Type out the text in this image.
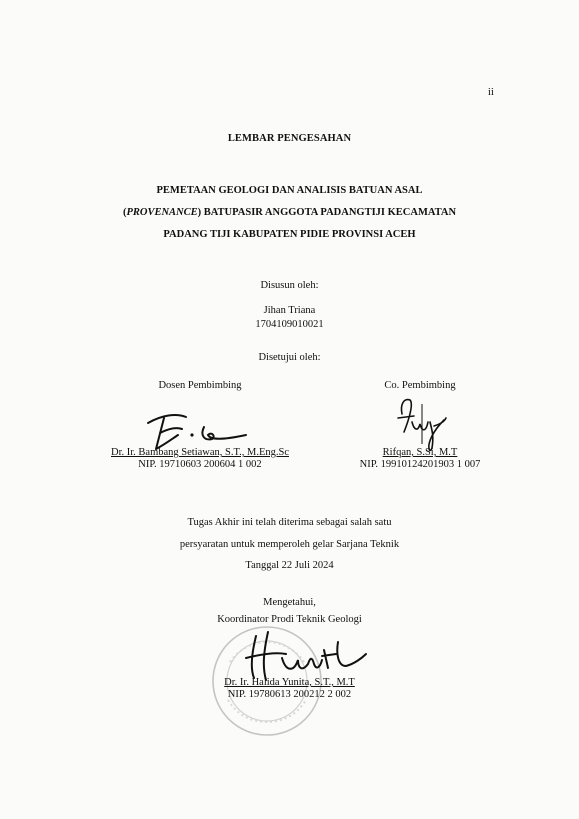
ii
LEMBAR PENGESAHAN
PEMETAAN GEOLOGI DAN ANALISIS BATUAN ASAL
(PROVENANCE) BATUPASIR ANGGOTA PADANGTIJI KECAMATAN
PADANG TIJI KABUPATEN PIDIE PROVINSI ACEH
Disusun oleh:
Jihan Triana
1704109010021
Disetujui oleh:
Dosen Pembimbing
Dr. Ir. Bambang Setiawan, S.T., M.Eng.Sc
NIP. 19710603 200604 1 002
Co. Pembimbing
Rifqan, S.Si, M.T
NIP. 19910124201903 1 007
Tugas Akhir ini telah diterima sebagai salah satu
persyaratan untuk memperoleh gelar Sarjana Teknik
Tanggal 22 Juli 2024
Mengetahui,
Koordinator Prodi Teknik Geologi
Dr. Ir. Halida Yunita, S.T., M.T
NIP. 19780613 200212 2 002
